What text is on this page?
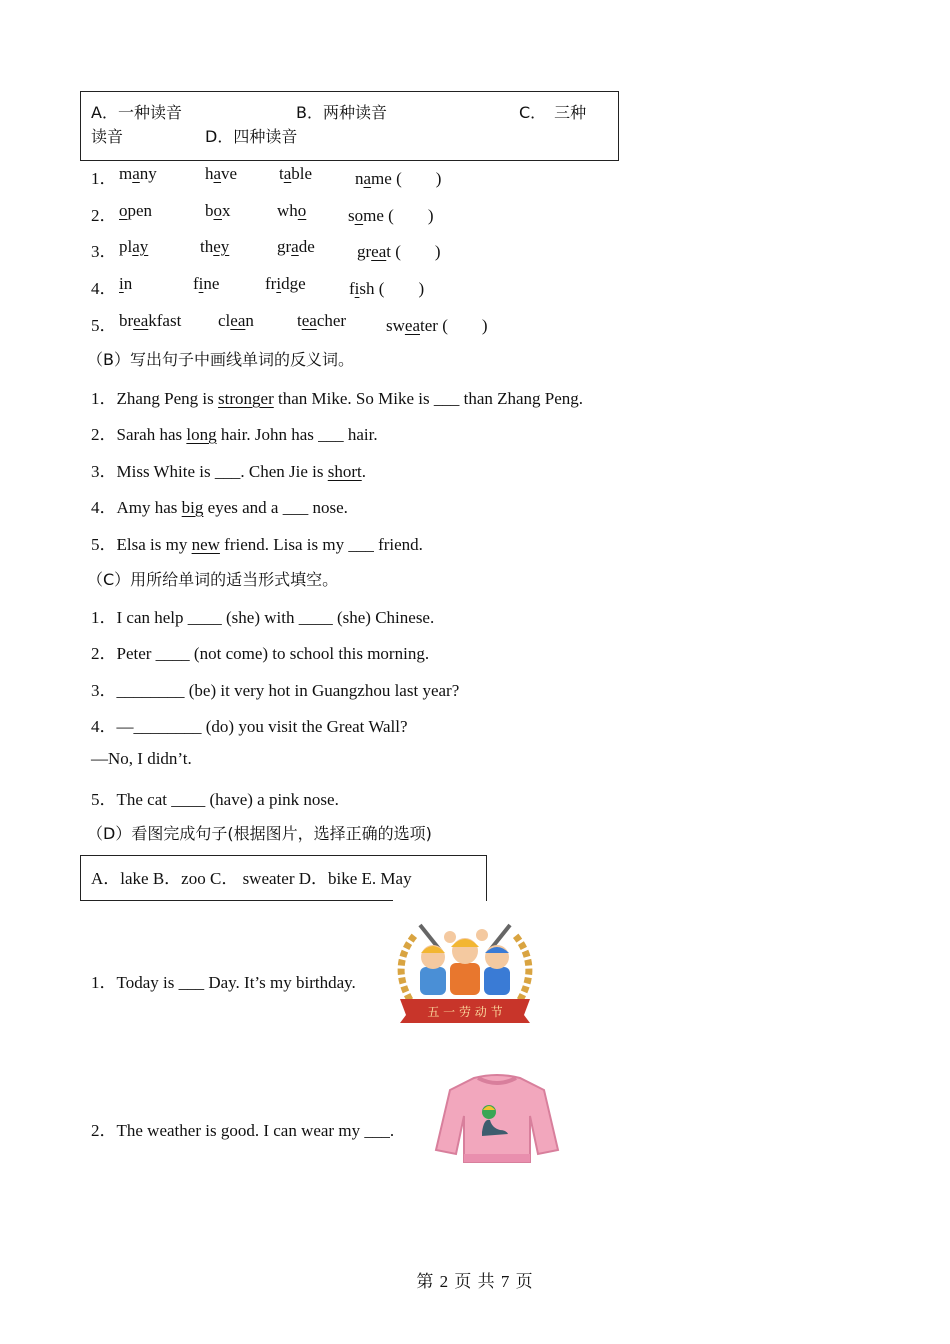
A．一种读音	B．两种读音	C．　三种
读音	D．四种读音
1． many	have table	name (　　)
2． open	box	who some (　　)
3． play	they	grade great (　　)
4． in	fine	fridge	fish (　　)
5． breakfast clean	teacher sweater (　　)
（B）写出句子中画线单词的反义词。
1．Zhang Peng is stronger than Mike. So Mike is ___ than Zhang Peng.
2．Sarah has long hair. John has ___ hair.
3．Miss White is ___. Chen Jie is short.
4．Amy has big eyes and a ___ nose.
5．Elsa is my new friend. Lisa is my ___ friend.
（C）用所给单词的适当形式填空。
1．I can help ____ (she) with ____ (she) Chinese.
2．Peter ____ (not come) to school this morning.
3．________ (be) it very hot in Guangzhou last year?
4．—________ (do) you visit the Great Wall?
—No, I didn’t.
5．The cat ____ (have) a pink nose.
（D）看图完成句子(根据图片，选择正确的选项)
A．lake B．zoo C． sweater D．bike E. May
1．Today is ___ Day. It’s my birthday.
2．The weather is good. I can wear my ___.
五 一 劳 动 节
第 2 页 共 7 页
